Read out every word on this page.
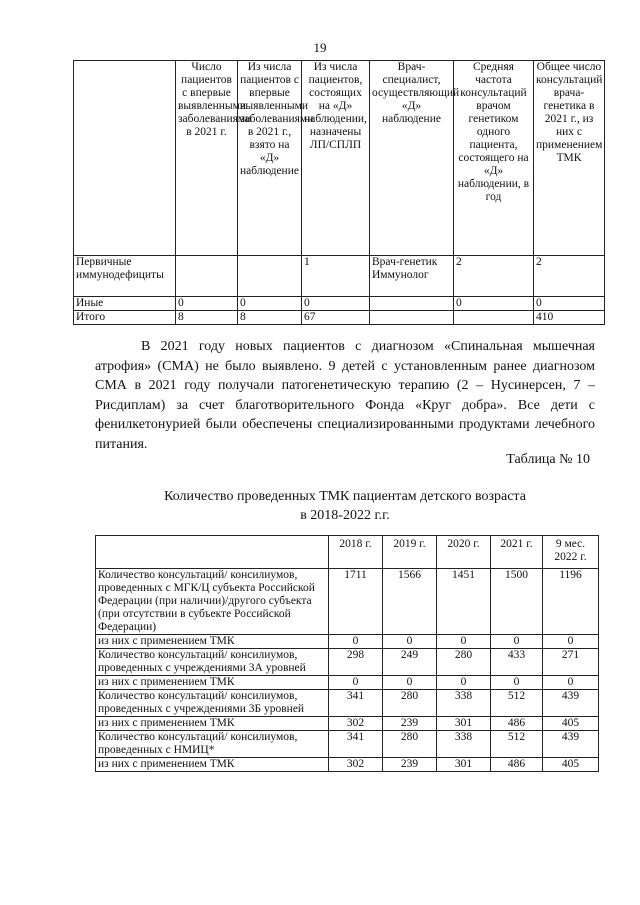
19
	Число пациентов с впервые выявленными заболеваниями в 2021 г.	Из числа пациентов с впервые выявленными заболеваниями в 2021 г., взято на «Д» наблюдение	Из числа пациентов, состоящих на «Д» наблюдении, назначены ЛП/СПЛП	Врач-специалист, осуществляющий «Д» наблюдение	Средняя частота консультаций врачом генетиком одного пациента, состоящего на «Д» наблюдении, в год	Общее число консультаций врача-генетика в 2021 г., из них с применением ТМК
Первичные иммунодефициты			1	Врач-генетик Иммунолог	2	2
Иные	0	0	0		0	0
Итого	8	8	67			410

В 2021 году новых пациентов с диагнозом «Спинальная мышечная атрофия» (СМА) не было выявлено. 9 детей с установленным ранее диагнозом СМА в 2021 году получали патогенетическую терапию (2 – Нусинерсен, 7 – Рисдиплам) за счет благотворительного Фонда «Круг добра». Все дети с фенилкетонурией были обеспечены специализированными продуктами лечебного питания.

Таблица № 10
Количество проведенных ТМК пациентам детского возраста
в 2018-2022 г.г.
	2018 г.	2019 г.	2020 г.	2021 г.	9 мес. 2022 г.
Количество консультаций/ консилиумов, проведенных с МГК/Ц субъекта Российской Федерации (при наличии)/другого субъекта (при отсутствии в субъекте Российской Федерации)	1711	1566	1451	1500	1196
из них с применением ТМК	0	0	0	0	0
Количество консультаций/ консилиумов, проведенных с учреждениями 3А уровней	298	249	280	433	271
из них с применением ТМК	0	0	0	0	0
Количество консультаций/ консилиумов, проведенных с учреждениями 3Б уровней	341	280	338	512	439
из них с применением ТМК	302	239	301	486	405
Количество консультаций/ консилиумов, проведенных с НМИЦ*	341	280	338	512	439
из них с применением ТМК	302	239	301	486	405
